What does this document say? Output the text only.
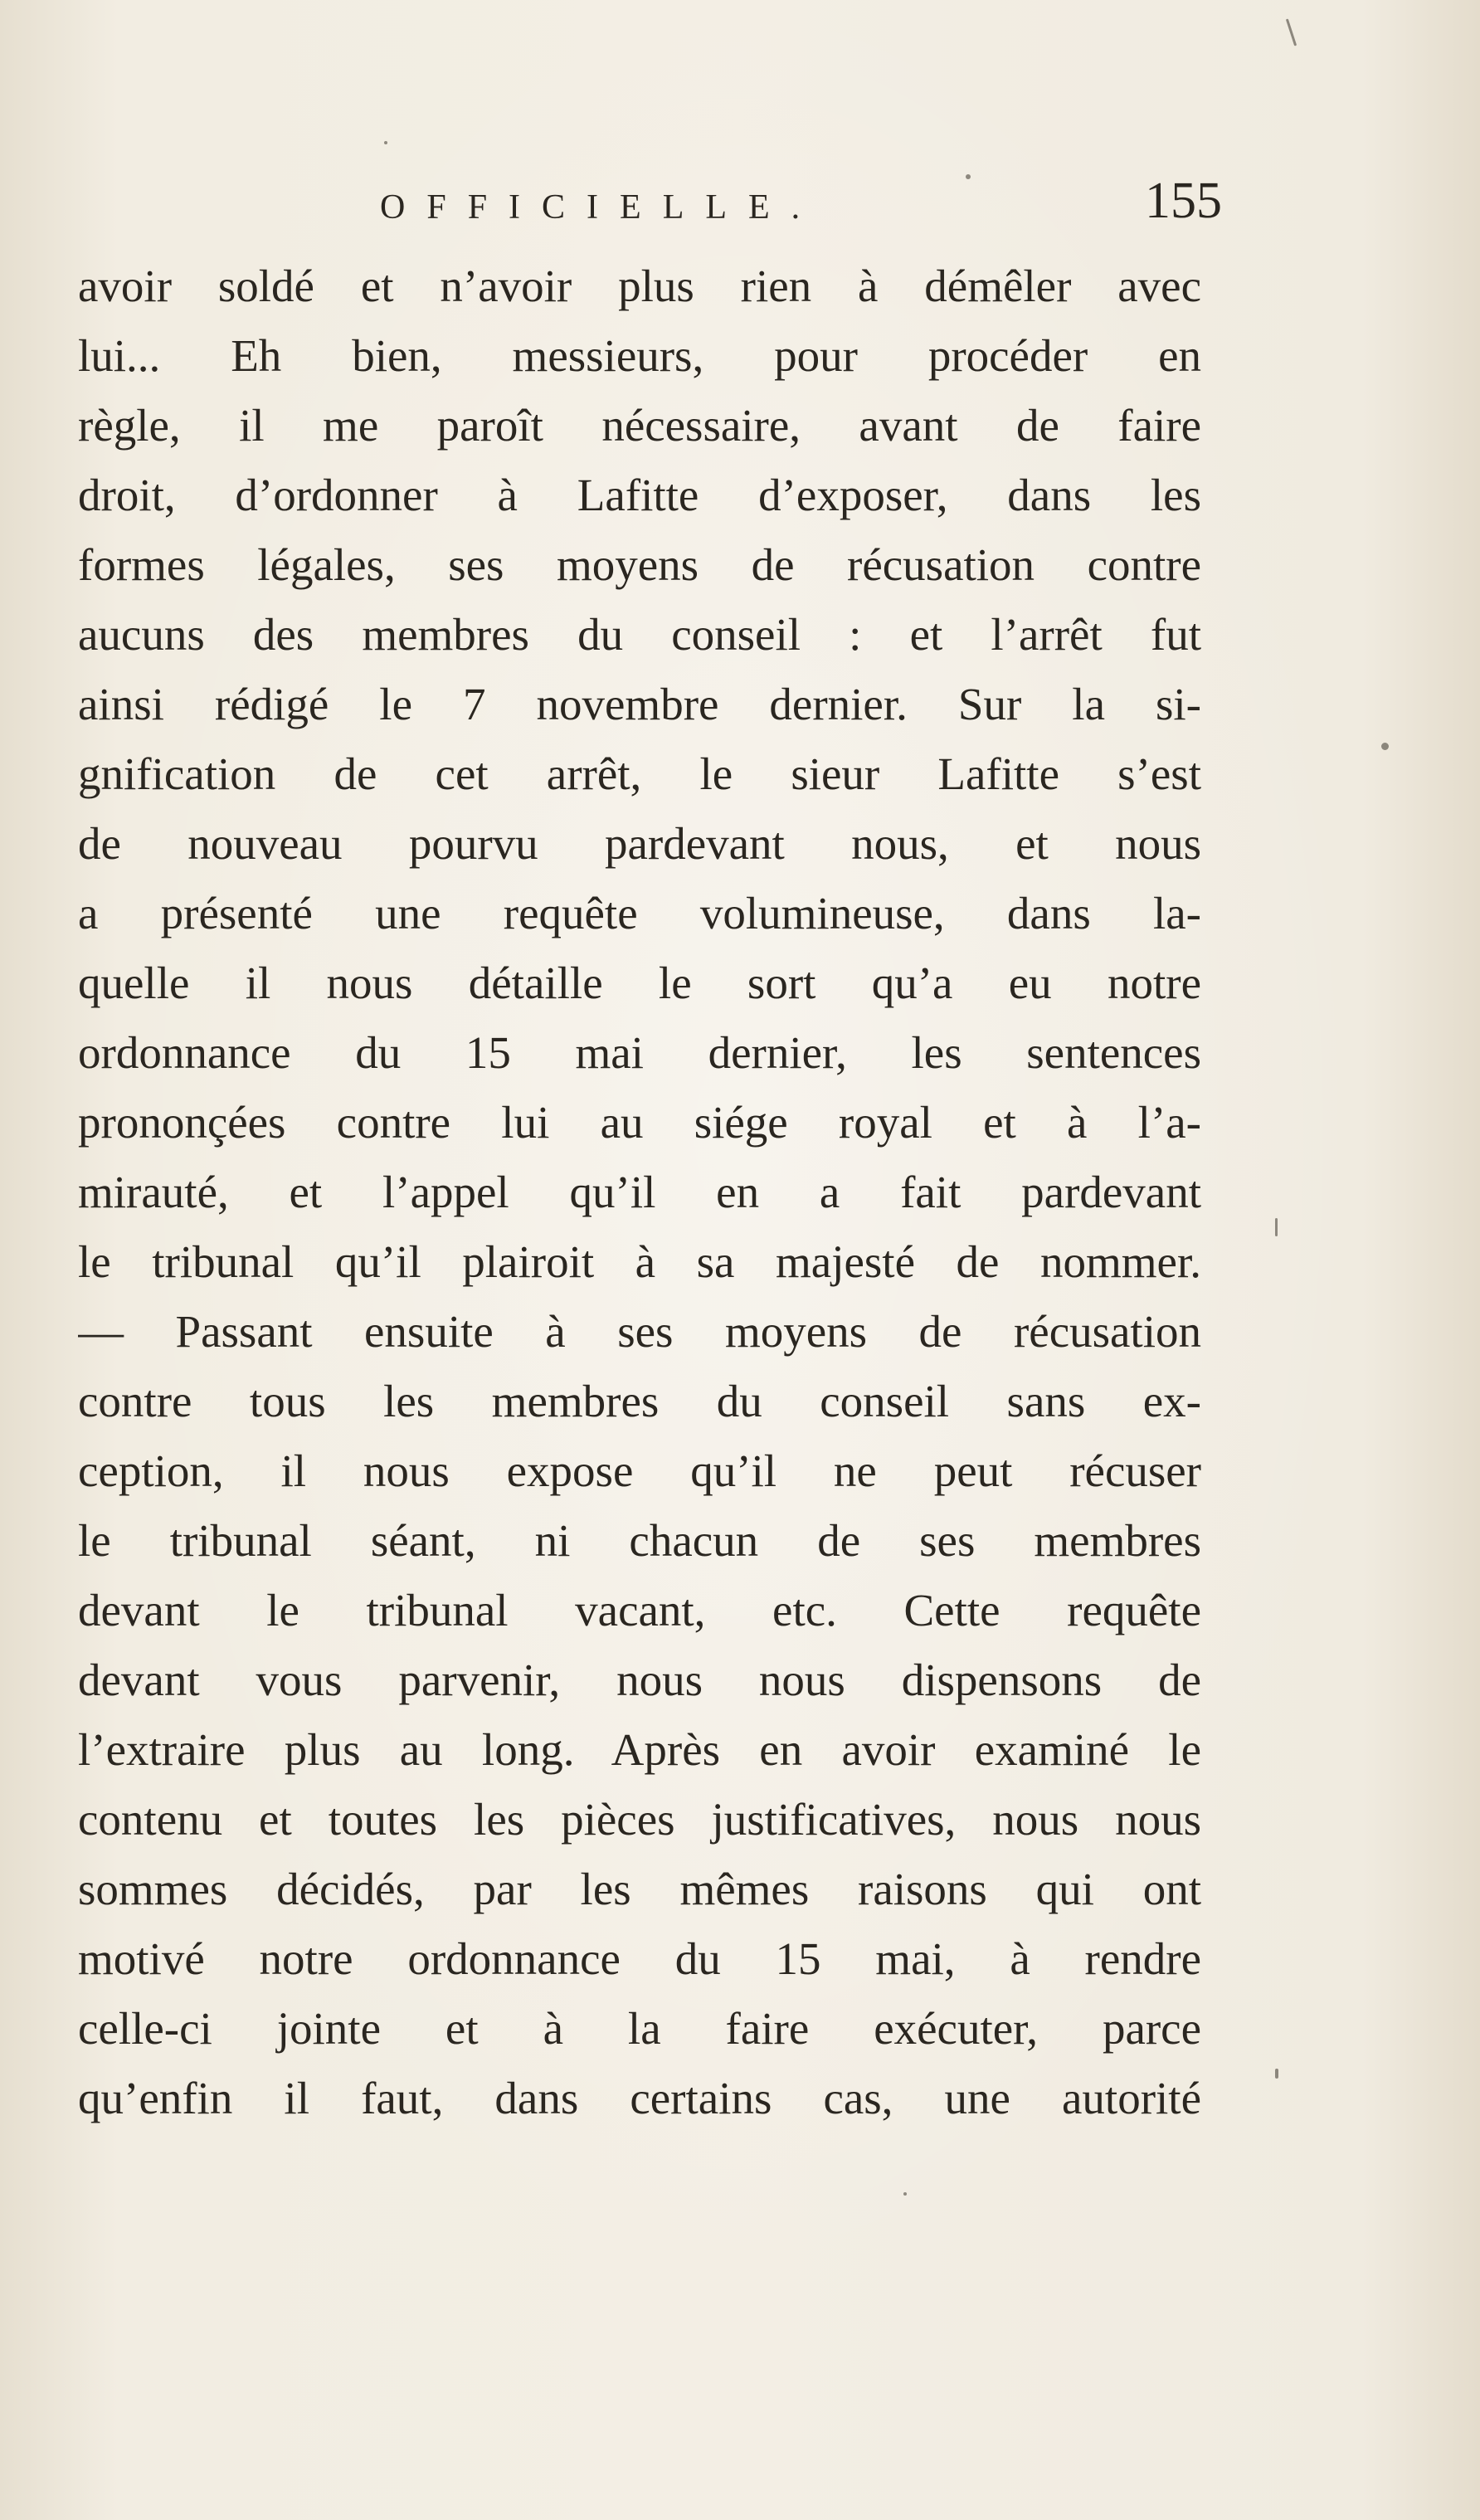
OFFICIELLE.	155
avoir soldé et n’avoir plus rien à démêler avec
lui... Eh bien, messieurs, pour procéder en
règle, il me paroît nécessaire, avant de faire
droit, d’ordonner à Lafitte d’exposer, dans les
formes légales, ses moyens de récusation contre
aucuns des membres du conseil : et l’arrêt fut
ainsi rédigé le 7 novembre dernier. Sur la si-
gnification de cet arrêt, le sieur Lafitte s’est
de nouveau pourvu pardevant nous, et nous
a présenté une requête volumineuse, dans la-
quelle il nous détaille le sort qu’a eu notre
ordonnance du 15 mai dernier, les sentences
prononçées contre lui au siége royal et à l’a-
mirauté, et l’appel qu’il en a fait pardevant
le tribunal qu’il plairoit à sa majesté de nommer.
— Passant ensuite à ses moyens de récusation
contre tous les membres du conseil sans ex-
ception, il nous expose qu’il ne peut récuser
le tribunal séant, ni chacun de ses membres
devant le tribunal vacant, etc. Cette requête
devant vous parvenir, nous nous dispensons de
l’extraire plus au long. Après en avoir examiné le
contenu et toutes les pièces justificatives, nous nous
sommes décidés, par les mêmes raisons qui ont
motivé notre ordonnance du 15 mai, à rendre
celle-ci jointe et à la faire exécuter, parce
qu’enfin il faut, dans certains cas, une autorité
